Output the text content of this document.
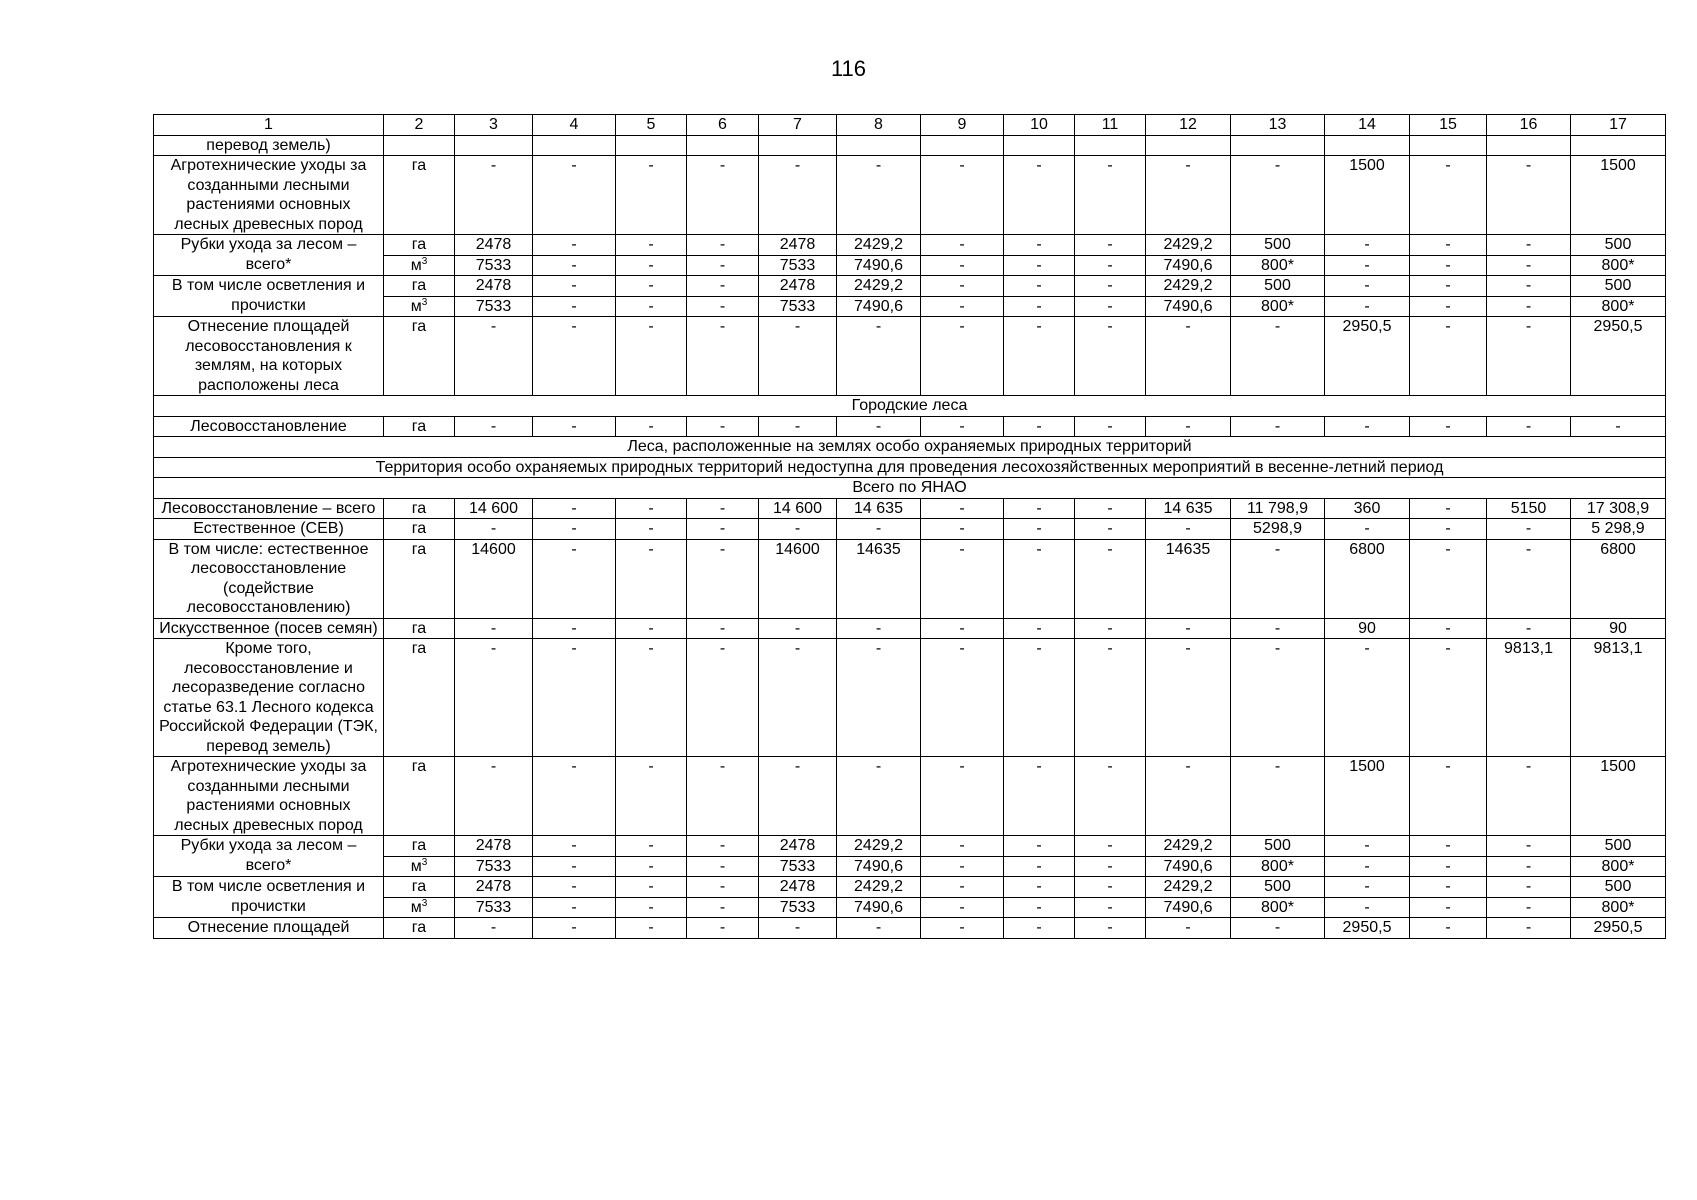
116
1	2	3	4	5	6	7	8	9	10	11	12	13	14	15	16	17
перевод земель)																
Агротехнические уходы за созданными лесными растениями основных лесных древесных пород	га	-	-	-	-	-	-	-	-	-	-	-	1500	-	-	1500
Рубки ухода за лесом – всего*	га	2478	-	-	-	2478	2429,2	-	-	-	2429,2	500	-	-	-	500
	$м^3$	7533	-	-	-	7533	7490,6	-	-	-	7490,6	800*	-	-	-	800*
В том числе осветления и прочистки	га	2478	-	-	-	2478	2429,2	-	-	-	2429,2	500	-	-	-	500
	$м^3$	7533	-	-	-	7533	7490,6	-	-	-	7490,6	800*	-	-	-	800*
Отнесение площадей лесовосстановления к землям, на которых расположены леса	га	-	-	-	-	-	-	-	-	-	-	-	2950,5	-	-	2950,5
Городские леса																
Лесовосстановление	га	-	-	-	-	-	-	-	-	-	-	-	-	-	-	-
Леса, расположенные на землях особо охраняемых природных территорий																
Территория особо охраняемых природных территорий недоступна для проведения лесохозяйственных мероприятий в весенне-летний период																
Всего по ЯНАО																
Лесовосстановление – всего	га	14 600	-	-	-	14 600	14 635	-	-	-	14 635	11 798,9	360	-	5150	17 308,9
Естественное (СЕВ)	га	-	-	-	-	-	-	-	-	-	-	5298,9	-	-	-	5 298,9
В том числе: естественное лесовосстановление (содействие лесовосстановлению)	га	14600	-	-	-	14600	14635	-	-	-	14635	-	6800	-	-	6800
Искусственное (посев семян)	га	-	-	-	-	-	-	-	-	-	-	-	90	-	-	90
Кроме того, лесовосстановление и лесоразведение согласно статье 63.1 Лесного кодекса Российской Федерации (ТЭК, перевод земель)	га	-	-	-	-	-	-	-	-	-	-	-	-	-	9813,1	9813,1
Агротехнические уходы за созданными лесными растениями основных лесных древесных пород	га	-	-	-	-	-	-	-	-	-	-	-	1500	-	-	1500
Рубки ухода за лесом – всего*	га	2478	-	-	-	2478	2429,2	-	-	-	2429,2	500	-	-	-	500
	$м^3$	7533	-	-	-	7533	7490,6	-	-	-	7490,6	800*	-	-	-	800*
В том числе осветления и прочистки	га	2478	-	-	-	2478	2429,2	-	-	-	2429,2	500	-	-	-	500
	$м^3$	7533	-	-	-	7533	7490,6	-	-	-	7490,6	800*	-	-	-	800*
Отнесение площадей	га	-	-	-	-	-	-	-	-	-	-	-	2950,5	-	-	2950,5
